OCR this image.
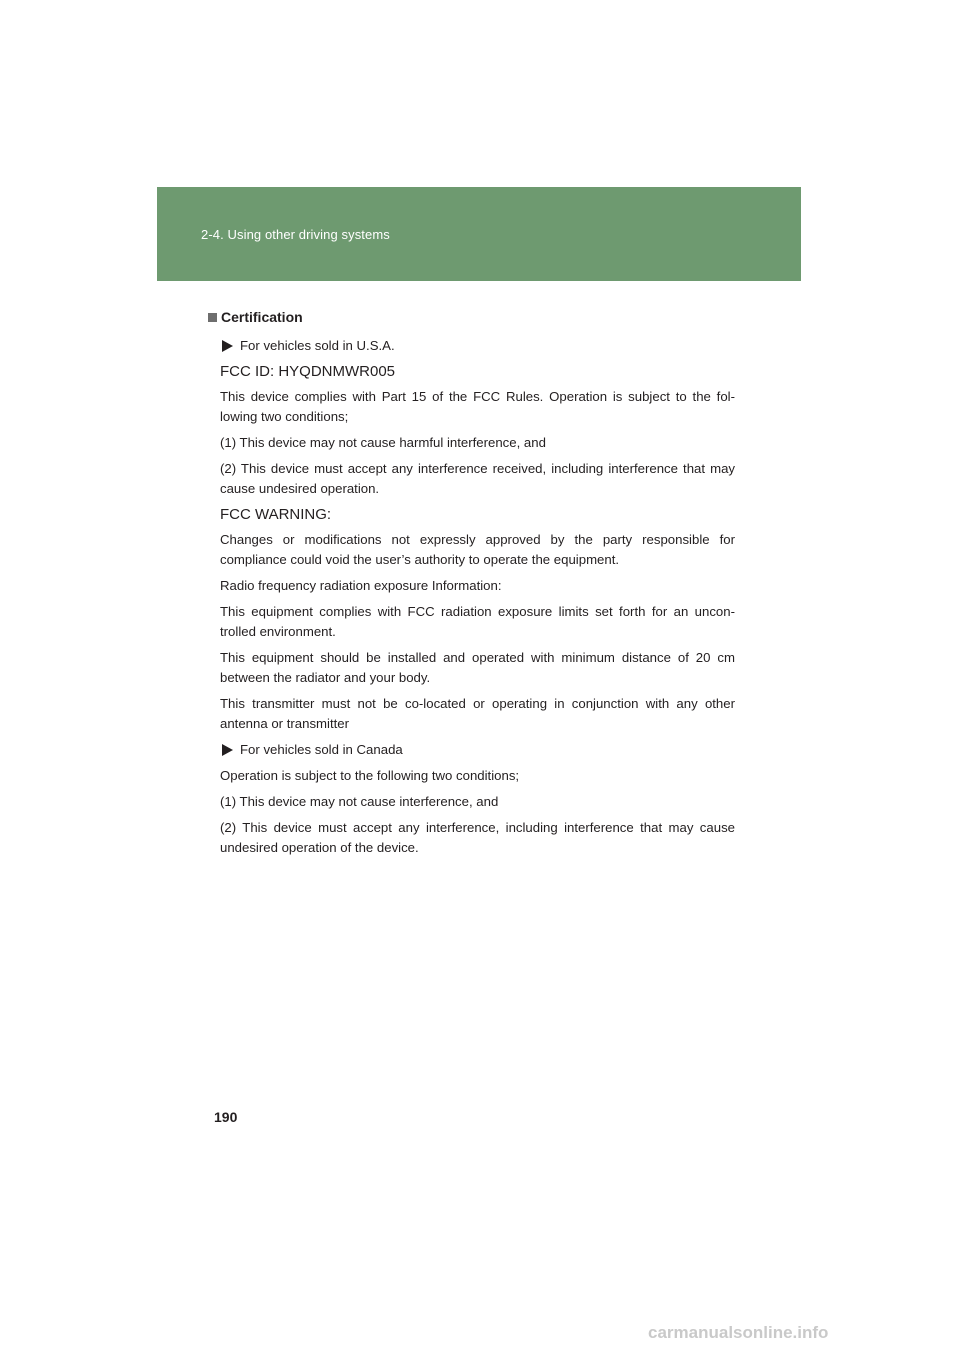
2-4. Using other driving systems
Certification
For vehicles sold in U.S.A.

FCC ID: HYQDNMWR005

This device complies with Part 15 of the FCC Rules. Operation is subject to the fol-lowing two conditions;

(1) This device may not cause harmful interference, and

(2) This device must accept any interference received, including interference that may cause undesired operation.

FCC WARNING:

Changes or modifications not expressly approved by the party responsible for compliance could void the user’s authority to operate the equipment.

Radio frequency radiation exposure Information:

This equipment complies with FCC radiation exposure limits set forth for an uncon-trolled environment.

This equipment should be installed and operated with minimum distance of 20 cm between the radiator and your body.

This transmitter must not be co-located or operating in conjunction with any other antenna or transmitter

For vehicles sold in Canada

Operation is subject to the following two conditions;

(1) This device may not cause interference, and

(2) This device must accept any interference, including interference that may cause undesired operation of the device.

190
carmanualsonline.info
